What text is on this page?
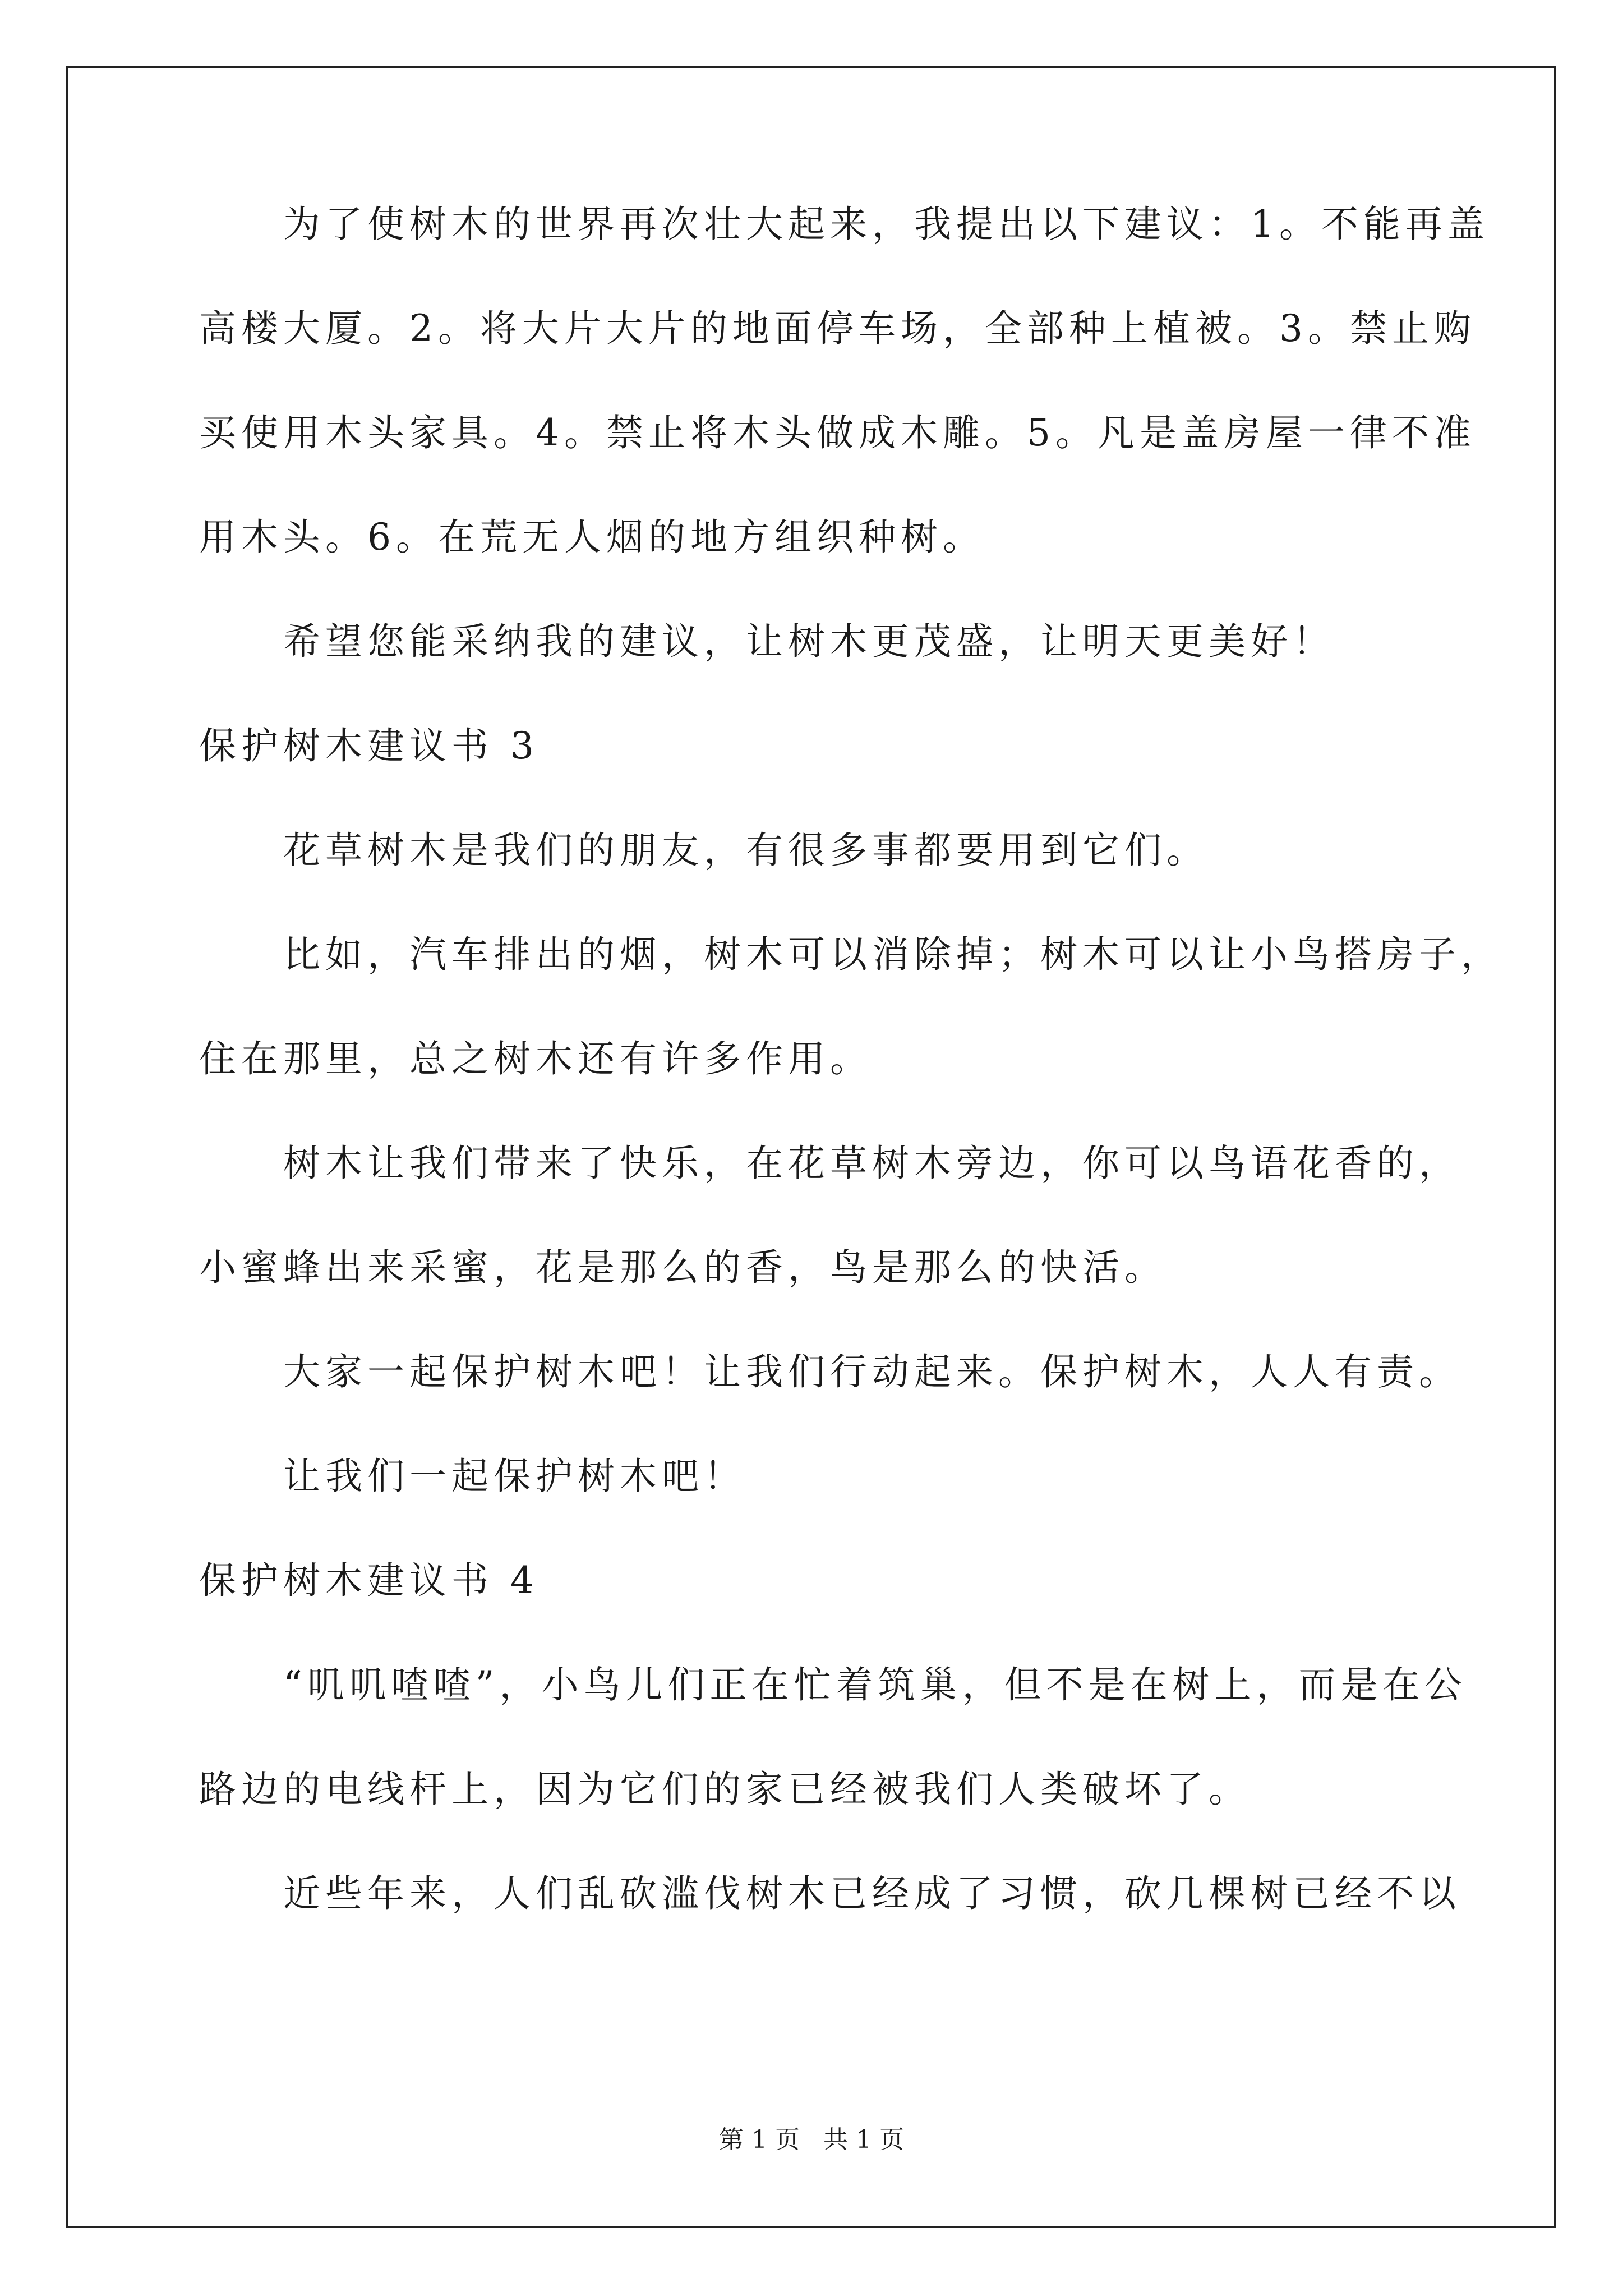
为了使树木的世界再次壮大起来，我提出以下建议：1。不能再盖
高楼大厦。2。将大片大片的地面停车场，全部种上植被。3。禁止购
买使用木头家具。4。禁止将木头做成木雕。5。凡是盖房屋一律不准
用木头。6。在荒无人烟的地方组织种树。
希望您能采纳我的建议，让树木更茂盛，让明天更美好！
保护树木建议书 3
花草树木是我们的朋友，有很多事都要用到它们。
比如，汽车排出的烟，树木可以消除掉；树木可以让小鸟搭房子，
住在那里，总之树木还有许多作用。
树木让我们带来了快乐，在花草树木旁边，你可以鸟语花香的，
小蜜蜂出来采蜜，花是那么的香，鸟是那么的快活。
大家一起保护树木吧！让我们行动起来。保护树木，人人有责。
让我们一起保护树木吧！
保护树木建议书 4
“叽叽喳喳”，小鸟儿们正在忙着筑巢，但不是在树上，而是在公
路边的电线杆上，因为它们的家已经被我们人类破坏了。
近些年来，人们乱砍滥伐树木已经成了习惯，砍几棵树已经不以
第 1 页   共 1 页
